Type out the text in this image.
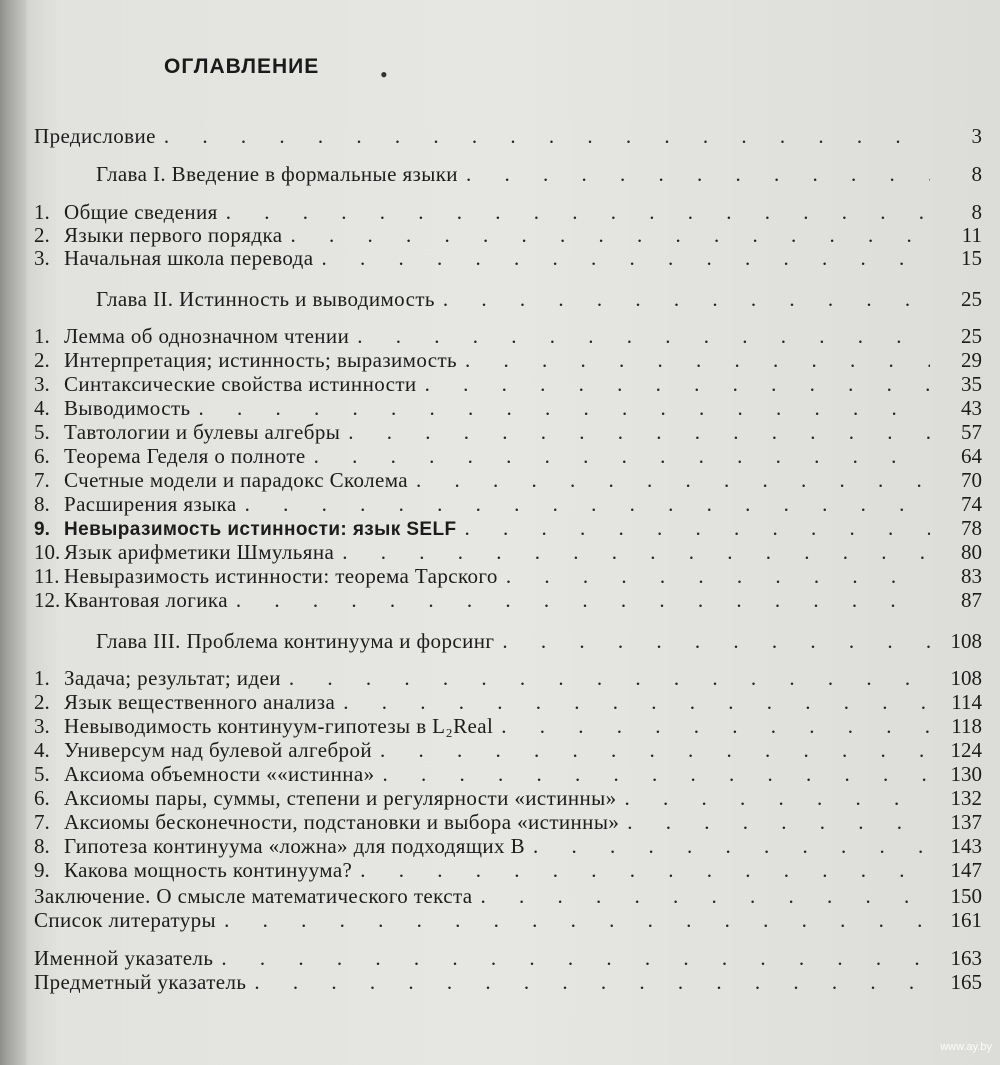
ОГЛАВЛЕНИЕ	•
Предисловие . . .	3
Глава I. Введение в формальные языки . . .	8
1. Общие сведения . . .	8
2. Языки первого порядка . . .	11
3. Начальная школа перевода . . .	15
Глава II. Истинность и выводимость . . .	25
1. Лемма об однозначном чтении . . .	25
2. Интерпретация; истинность; выразимость . . .	29
3. Синтаксические свойства истинности . . .	35
4. Выводимость . . .	43
5. Тавтологии и булевы алгебры . . .	57
6. Теорема Геделя о полноте . . .	64
7. Счетные модели и парадокс Сколема . . .	70
8. Расширения языка . . .	74
9. Невыразимость истинности: язык SELF . . .	78
10. Язык арифметики Шмульяна . . .	80
11. Невыразимость истинности: теорема Тарского . . .	83
12. Квантовая логика . . .	87
Глава III. Проблема континуума и форсинг . . .	108
1. Задача; результат; идеи . . .	108
2. Язык вещественного анализа . . .	114
3. Невыводимость континуум-гипотезы в L₂Real . . .	118
4. Универсум над булевой алгеброй . . .	124
5. Аксиома объемности ««истинна» . . .	130
6. Аксиомы пары, суммы, степени и регулярности «истинны» . . .	132
7. Аксиомы бесконечности, подстановки и выбора «истинны» . . .	137
8. Гипотеза континуума «ложна» для подходящих B . . .	143
9. Какова мощность континуума? . . .	147
Заключение. О смысле математического текста . . .	150
Список литературы . . .	161
Именной указатель . . .	163
Предметный указатель . . .	165
www.ay.by
